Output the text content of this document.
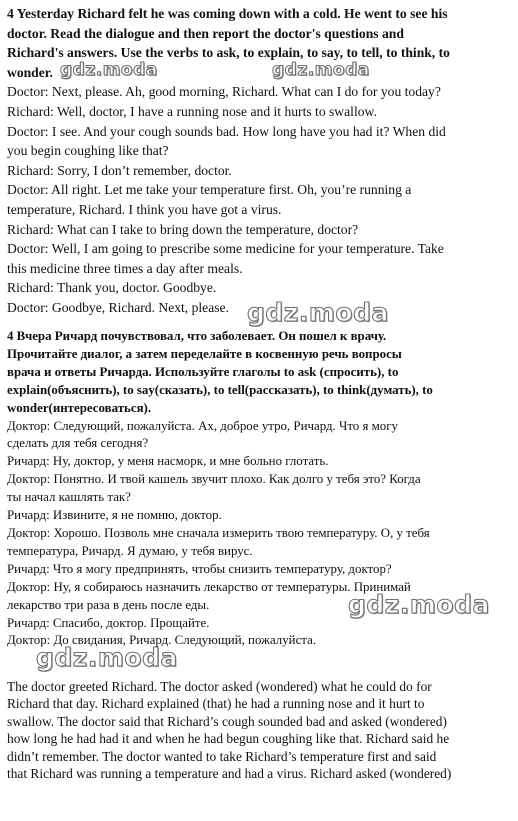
4 Yesterday Richard felt he was coming down with a cold. He went to see his

doctor. Read the dialogue and then report the doctor's questions and

Richard's answers. Use the verbs to ask, to explain, to say, to tell, to think, to

wonder.

Doctor: Next, please. Ah, good morning, Richard. What can I do for you today?

Richard: Well, doctor, I have a running nose and it hurts to swallow.

Doctor: I see. And your cough sounds bad. How long have you had it? When did

you begin coughing like that?

Richard: Sorry, I don’t remember, doctor.

Doctor: All right. Let me take your temperature first. Oh, you’re running a

temperature, Richard. I think you have got a virus.

Richard: What can I take to bring down the temperature, doctor?

Doctor: Well, I am going to prescribe some medicine for your temperature. Take

this medicine three times a day after meals.

Richard: Thank you, doctor. Goodbye.

Doctor: Goodbye, Richard. Next, please.

4 Вчера Ричард почувствовал, что заболевает. Он пошел к врачу.

Прочитайте диалог, а затем переделайте в косвенную речь вопросы

врача и ответы Ричарда. Используйте глаголы to ask (спросить), to

explain(объяснить), to say(сказать), to tell(рассказать), to think(думать), to

wonder(интересоваться).

Доктор: Следующий, пожалуйста. Ах, доброе утро, Ричард. Что я могу

сделать для тебя сегодня?

Ричард: Ну, доктор, у меня насморк, и мне больно глотать.

Доктор: Понятно. И твой кашель звучит плохо. Как долго у тебя это? Когда

ты начал кашлять так?

Ричард: Извините, я не помню, доктор.

Доктор: Хорошо. Позволь мне сначала измерить твою температуру. О, у тебя

температура, Ричард. Я думаю, у тебя вирус.

Ричард: Что я могу предпринять, чтобы снизить температуру, доктор?

Доктор: Ну, я собираюсь назначить лекарство от температуры. Принимай

лекарство три раза в день после еды.

Ричард: Спасибо, доктор. Прощайте.

Доктор: До свидания, Ричард. Следующий, пожалуйста.

The doctor greeted Richard. The doctor asked (wondered) what he could do for

Richard that day. Richard explained (that) he had a running nose and it hurt to

swallow. The doctor said that Richard’s cough sounded bad and asked (wondered)

how long he had had it and when he had begun coughing like that. Richard said he

didn’t remember. The doctor wanted to take Richard’s temperature first and said

that Richard was running a temperature and had a virus. Richard asked (wondered)

gdz.moda	gdz.moda
gdz.moda
gdz.moda
gdz.moda
